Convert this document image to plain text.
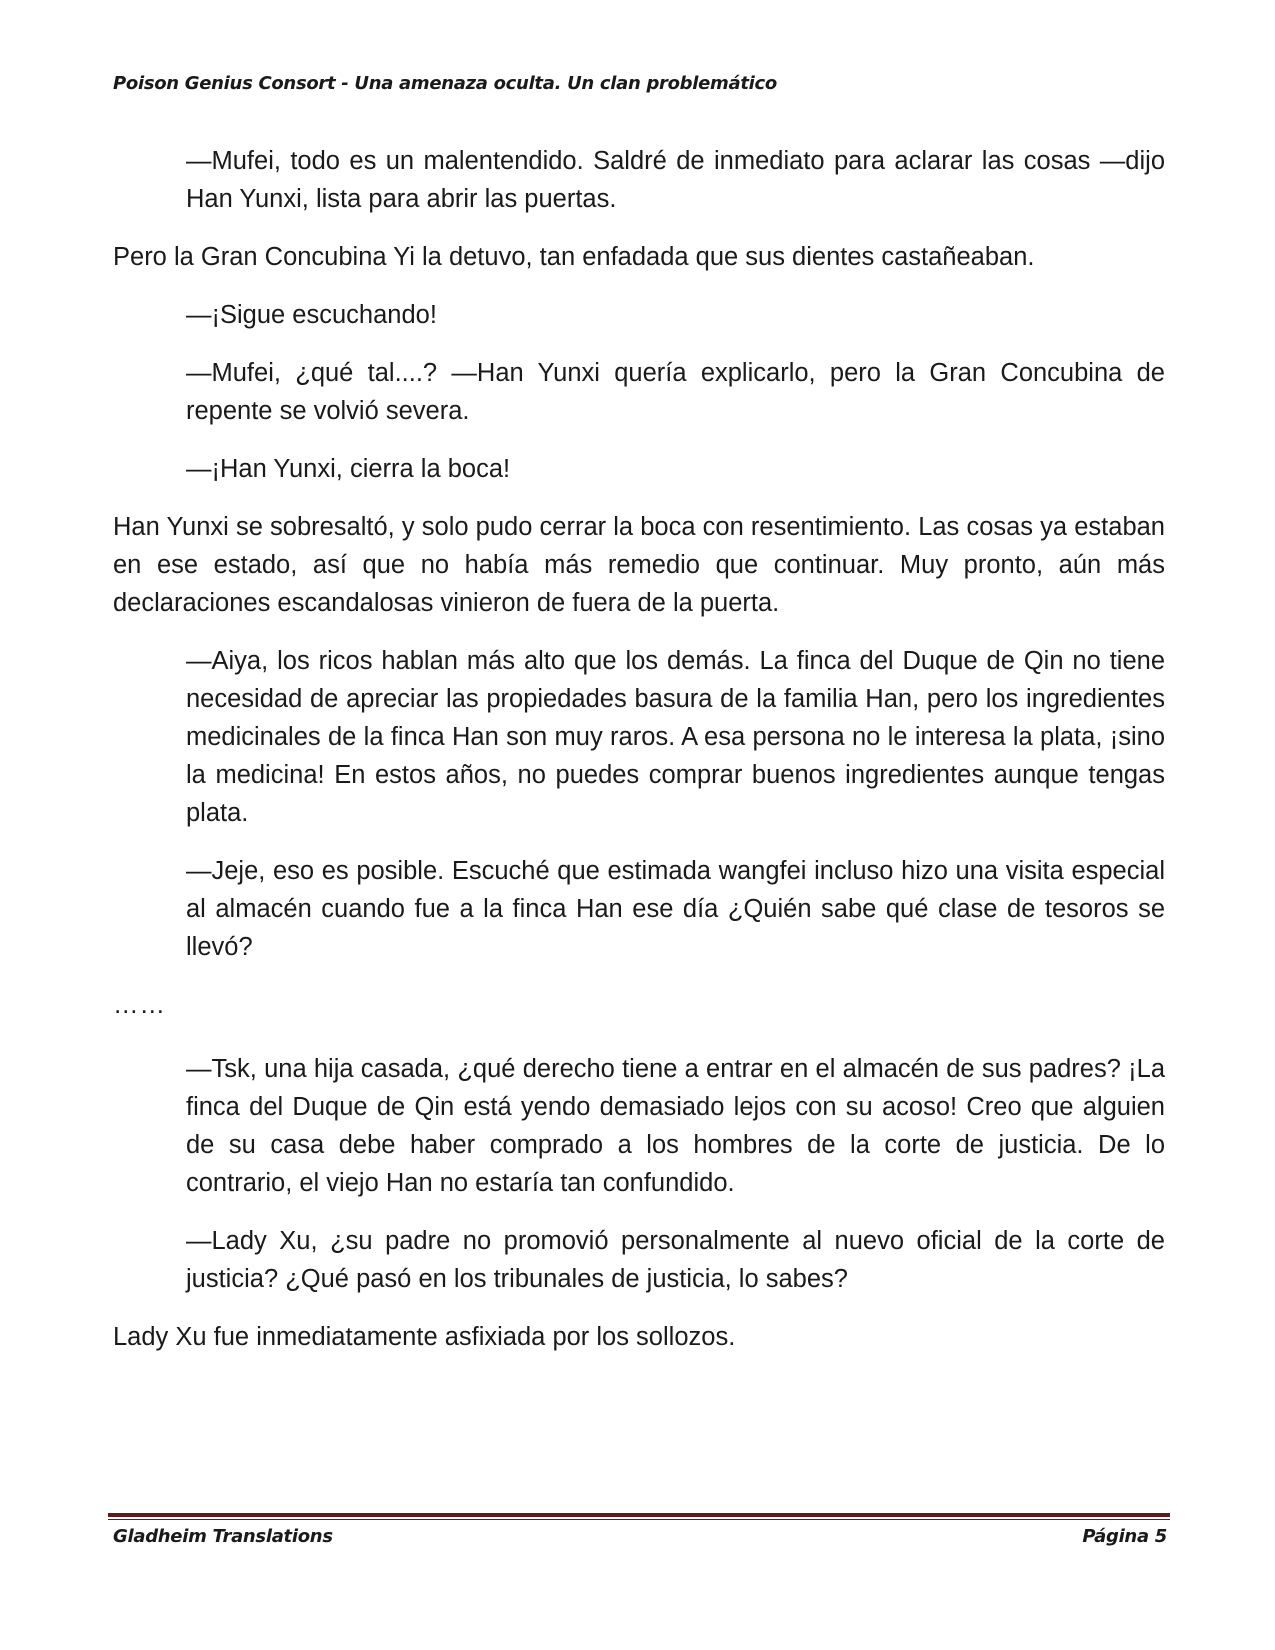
Poison Genius Consort - Una amenaza oculta. Un clan problemático

—Mufei, todo es un malentendido. Saldré de inmediato para aclarar las cosas —dijo Han Yunxi, lista para abrir las puertas.

Pero la Gran Concubina Yi la detuvo, tan enfadada que sus dientes castañeaban.

—¡Sigue escuchando!

—Mufei, ¿qué tal....? —Han Yunxi quería explicarlo, pero la Gran Concubina de repente se volvió severa.

—¡Han Yunxi, cierra la boca!

Han Yunxi se sobresaltó, y solo pudo cerrar la boca con resentimiento. Las cosas ya estaban en ese estado, así que no había más remedio que continuar. Muy pronto, aún más declaraciones escandalosas vinieron de fuera de la puerta.

—Aiya, los ricos hablan más alto que los demás. La finca del Duque de Qin no tiene necesidad de apreciar las propiedades basura de la familia Han, pero los ingredientes medicinales de la finca Han son muy raros. A esa persona no le interesa la plata, ¡sino la medicina! En estos años, no puedes comprar buenos ingredientes aunque tengas plata.

—Jeje, eso es posible. Escuché que estimada wangfei incluso hizo una visita especial al almacén cuando fue a la finca Han ese día ¿Quién sabe qué clase de tesoros se llevó?

……

—Tsk, una hija casada, ¿qué derecho tiene a entrar en el almacén de sus padres? ¡La finca del Duque de Qin está yendo demasiado lejos con su acoso! Creo que alguien de su casa debe haber comprado a los hombres de la corte de justicia. De lo contrario, el viejo Han no estaría tan confundido.

—Lady Xu, ¿su padre no promovió personalmente al nuevo oficial de la corte de justicia? ¿Qué pasó en los tribunales de justicia, lo sabes?

Lady Xu fue inmediatamente asfixiada por los sollozos.

Gladheim Translations	Página 5
